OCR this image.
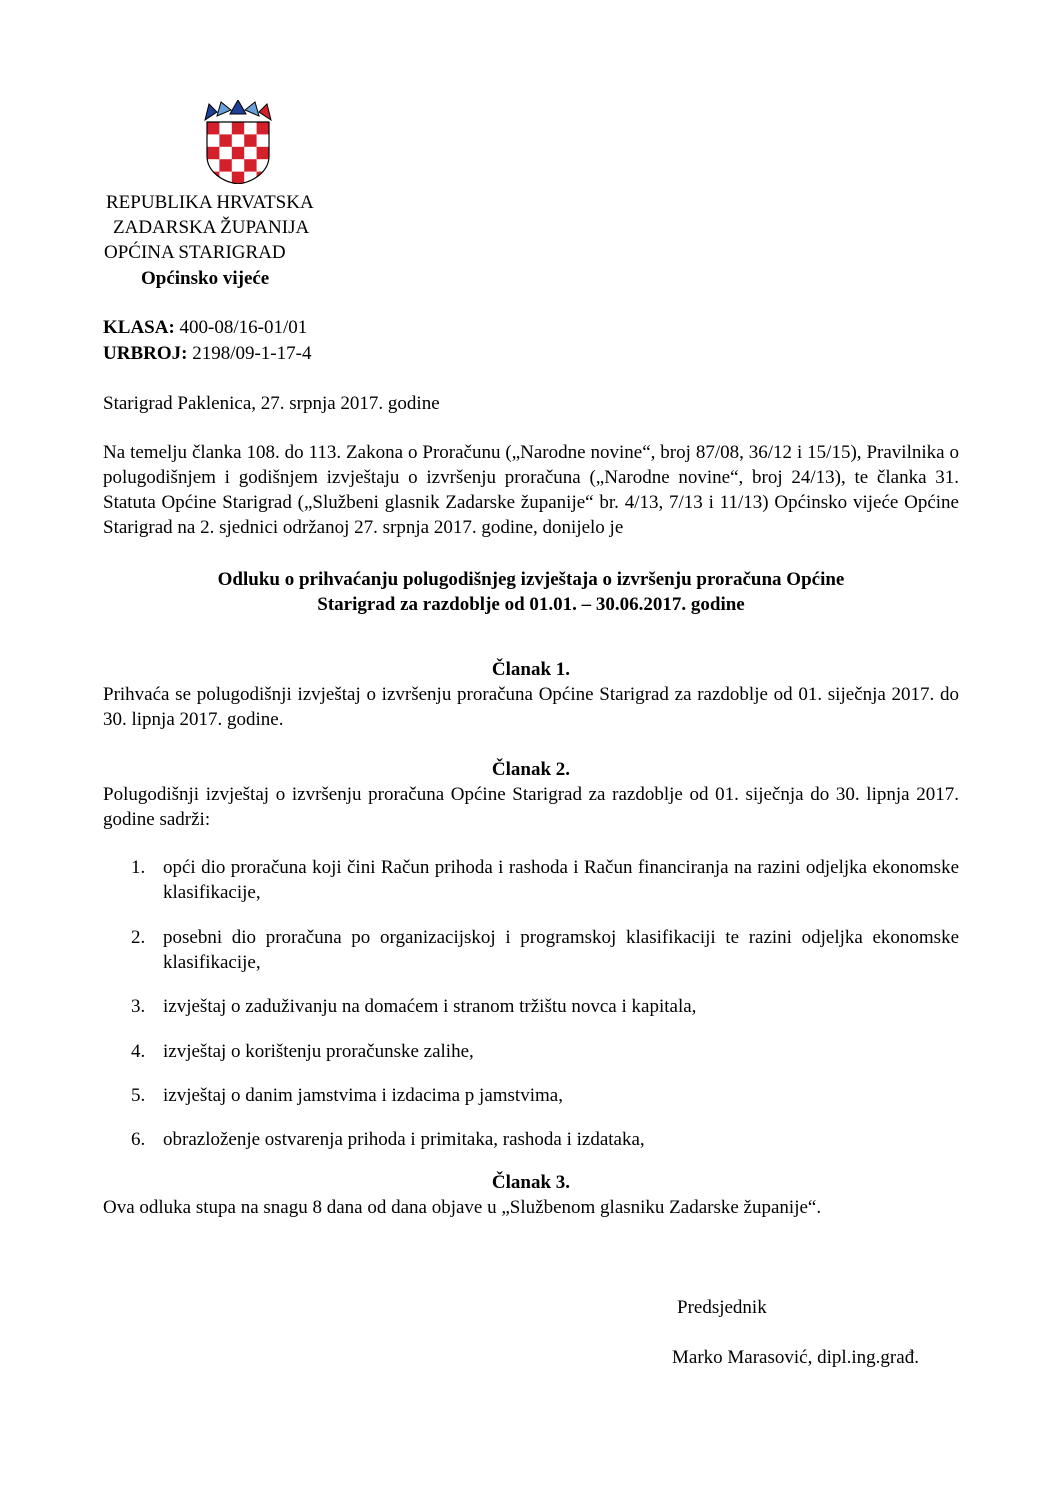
REPUBLIKA HRVATSKA
ZADARSKA ŽUPANIJA
OPĆINA STARIGRAD
Općinsko vijeće
KLASA: 400-08/16-01/01
URBROJ: 2198/09-1-17-4
Starigrad Paklenica, 27. srpnja 2017. godine
Na temelju članka 108. do 113. Zakona o Proračunu („Narodne novine“, broj 87/08, 36/12 i 15/15), Pravilnika o polugodišnjem i godišnjem izvještaju o izvršenju proračuna („Narodne novine“, broj 24/13), te članka 31. Statuta Općine Starigrad („Službeni glasnik Zadarske županije“ br. 4/13, 7/13 i 11/13) Općinsko vijeće Općine Starigrad na 2. sjednici održanoj 27. srpnja 2017. godine, donijelo je
Odluku o prihvaćanju polugodišnjeg izvještaja o izvršenju proračuna Općine
Starigrad za razdoblje od 01.01. – 30.06.2017. godine
Članak 1.
Prihvaća se polugodišnji izvještaj o izvršenju proračuna Općine Starigrad za razdoblje od 01. siječnja 2017. do 30. lipnja 2017. godine.
Članak 2.
Polugodišnji izvještaj o izvršenju proračuna Općine Starigrad za razdoblje od 01. siječnja do 30. lipnja 2017. godine sadrži:
1. opći dio proračuna koji čini Račun prihoda i rashoda i Račun financiranja na razini odjeljka ekonomske klasifikacije,
2. posebni dio proračuna po organizacijskoj i programskoj klasifikaciji te razini odjeljka ekonomske klasifikacije,
3. izvještaj o zaduživanju na domaćem i stranom tržištu novca i kapitala,
4. izvještaj o korištenju proračunske zalihe,
5. izvještaj o danim jamstvima i izdacima p jamstvima,
6. obrazloženje ostvarenja prihoda i primitaka, rashoda i izdataka,
Članak 3.
Ova odluka stupa na snagu 8 dana od dana objave u „Službenom glasniku Zadarske županije“.
Predsjednik
Marko Marasović, dipl.ing.građ.
